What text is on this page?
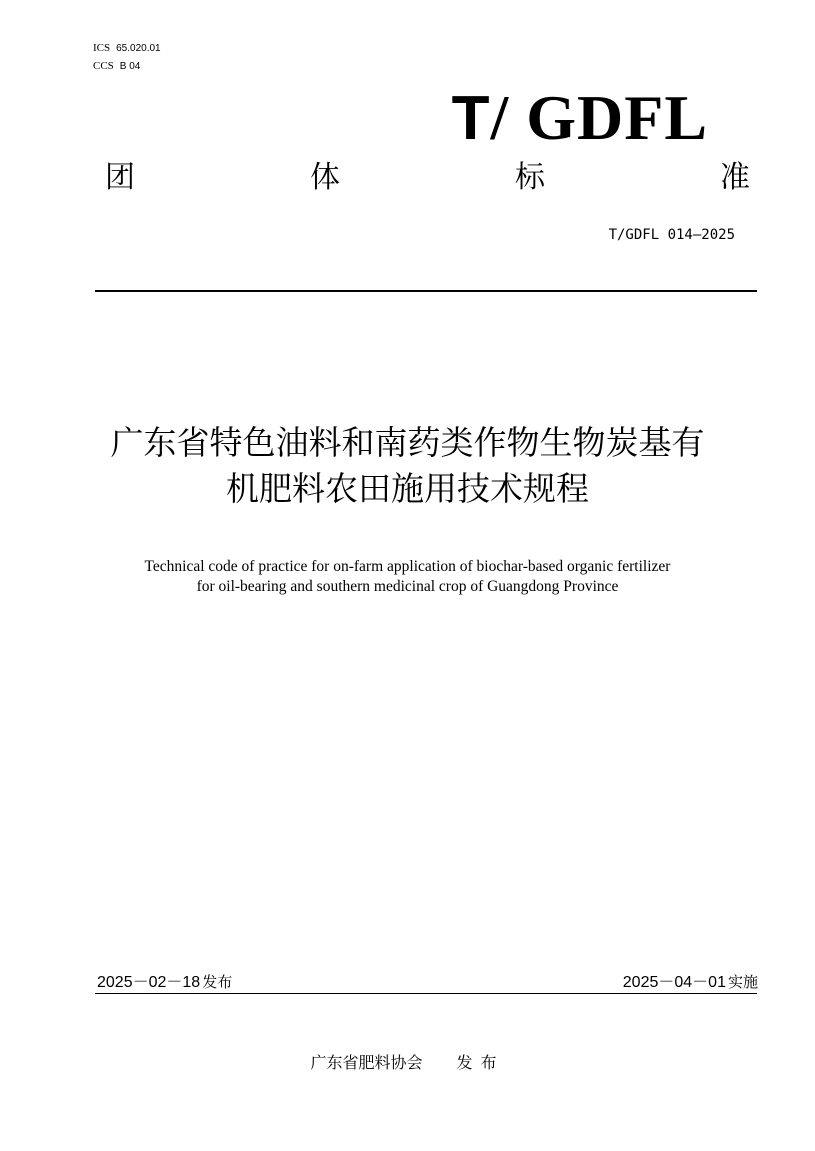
ICS 65.020.01
CCS B 04
T/ GDFL
团	体	标	准
T/GDFL 014—2025
广东省特色油料和南药类作物生物炭基有
机肥料农田施用技术规程
Technical code of practice for on-farm application of biochar-based organic fertilizer
for oil-bearing and southern medicinal crop of Guangdong Province
2025－02－18 发布	2025－04－01 实施
广东省肥料协会 发布
